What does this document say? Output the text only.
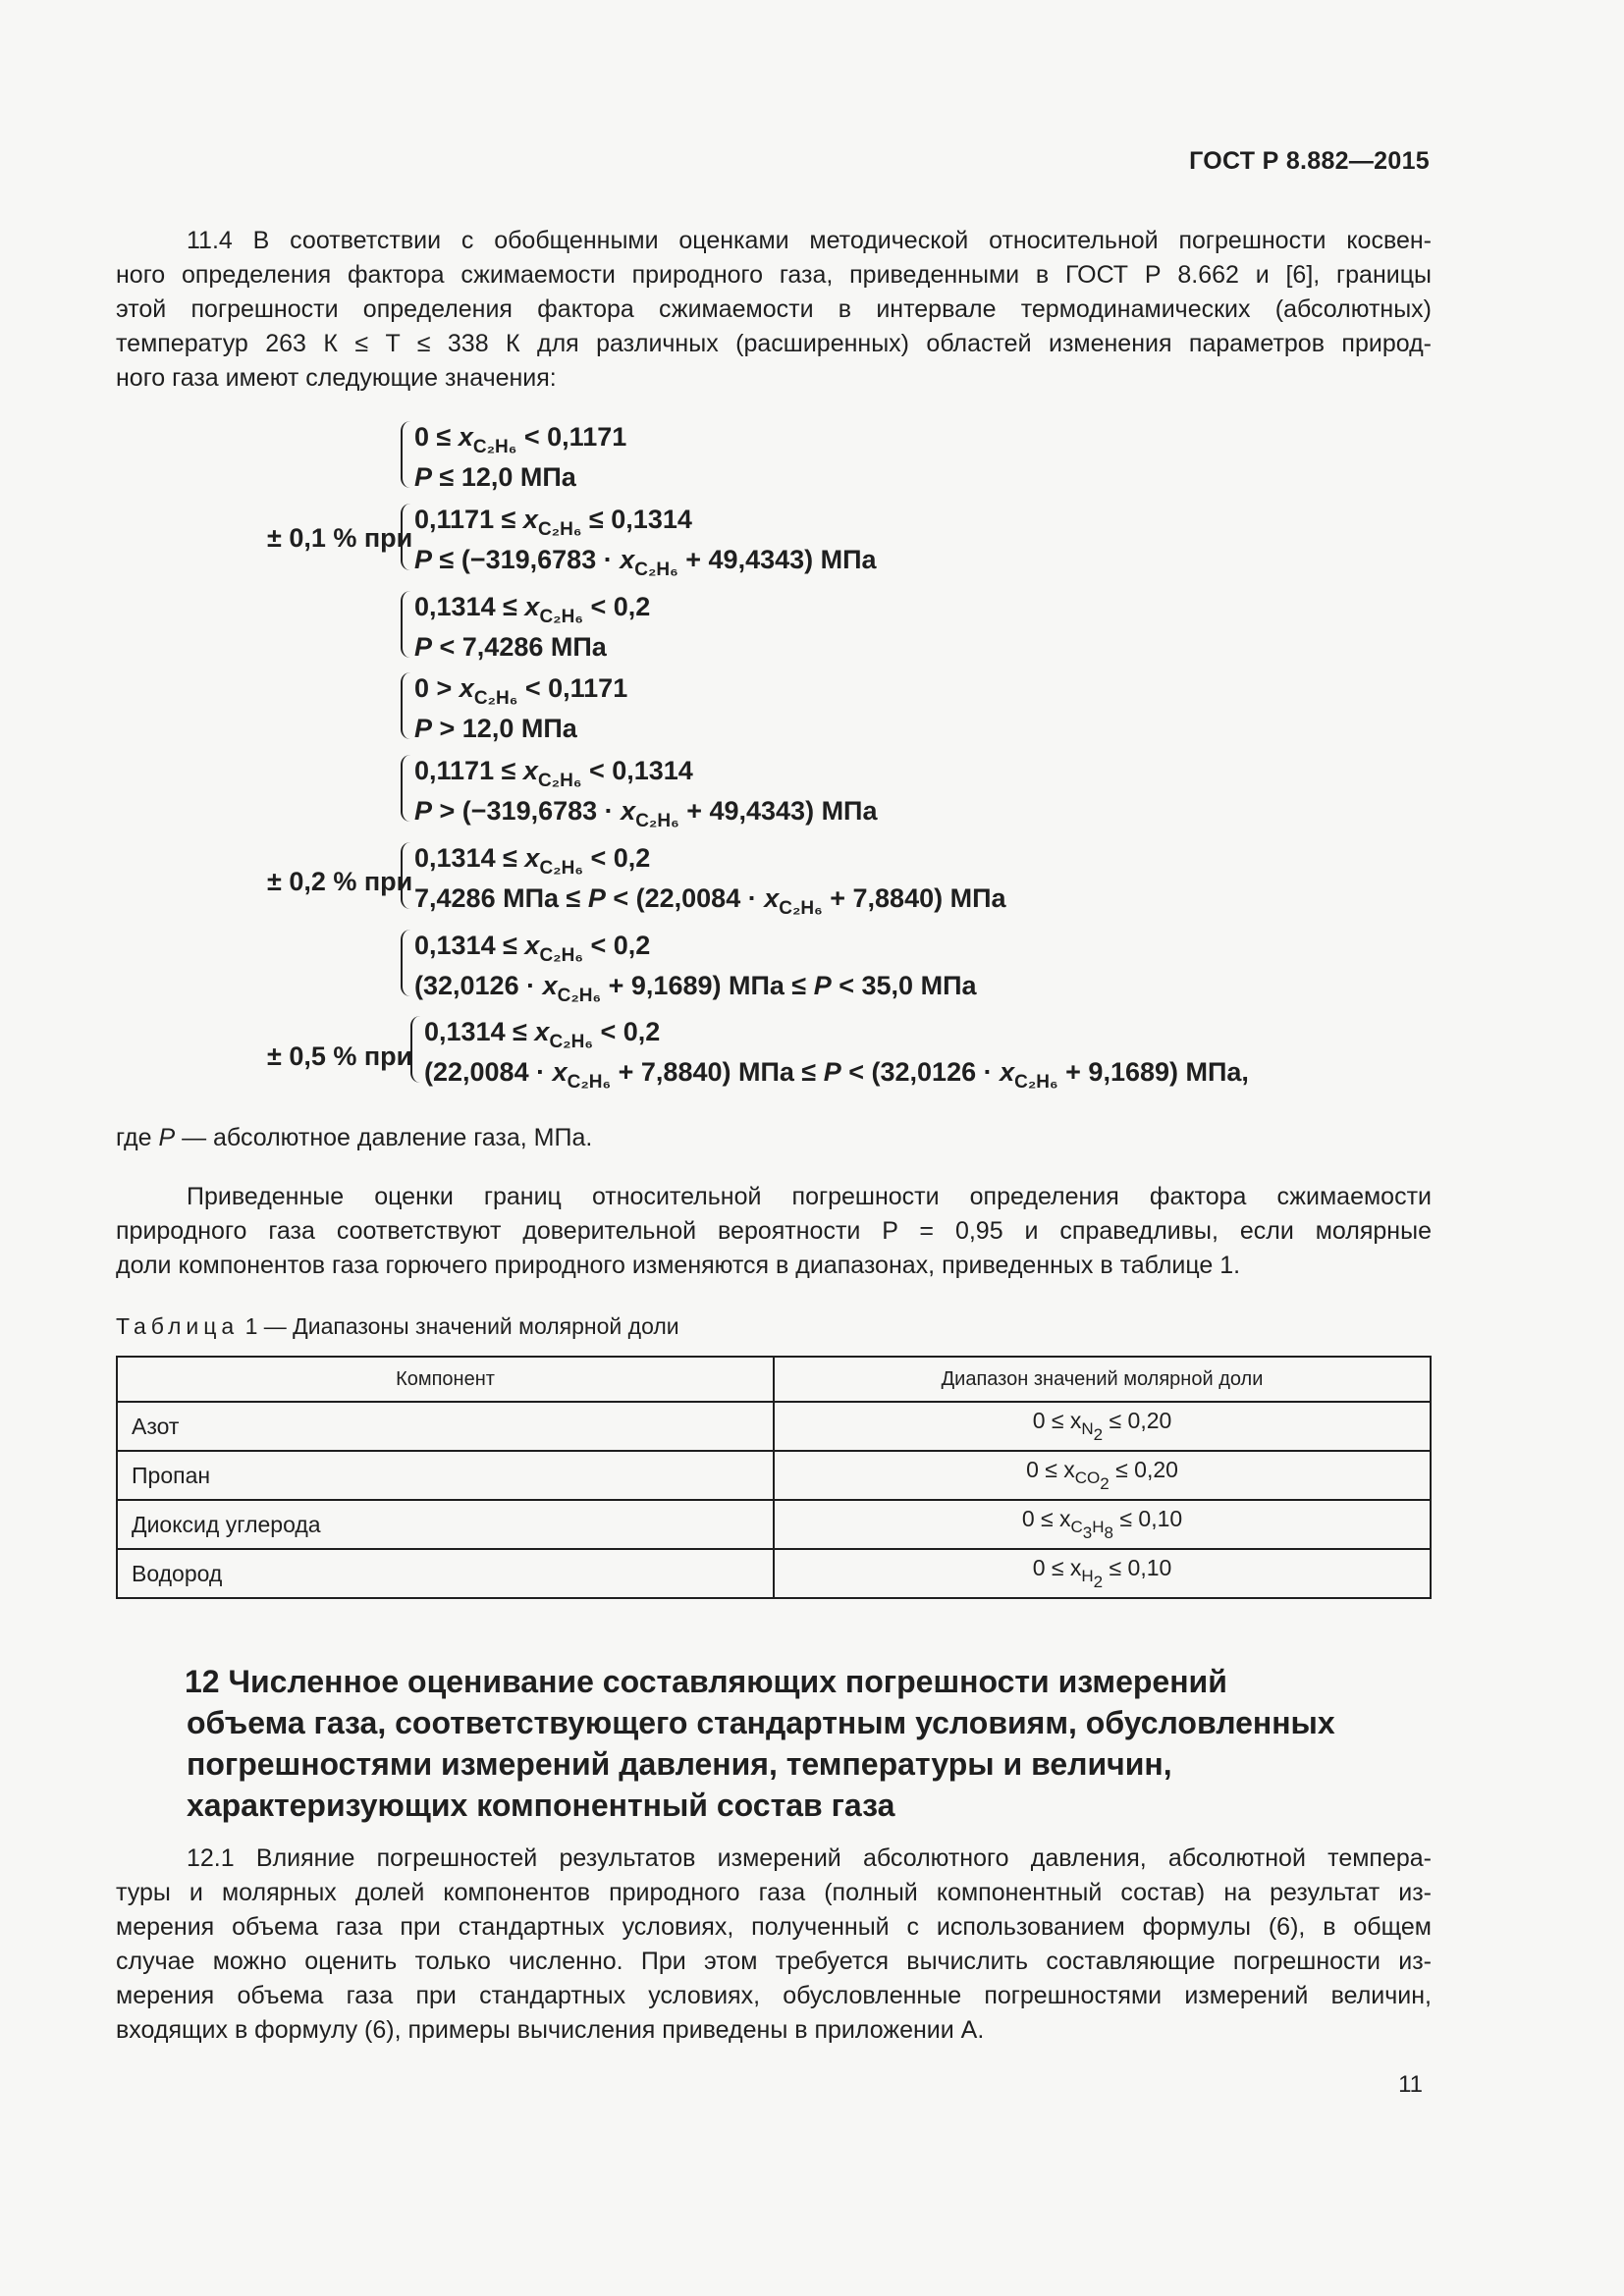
ГОСТ Р 8.882—2015
11.4 В соответствии с обобщенными оценками методической относительной погрешности косвен-
ного определения фактора сжимаемости природного газа, приведенными в ГОСТ Р 8.662 и [6], границы
этой погрешности определения фактора сжимаемости в интервале термодинамических (абсолютных)
температур 263 К ≤ T ≤ 338 К для различных (расширенных) областей изменения параметров природ-
ного газа имеют следующие значения:
± 0,1 % при
± 0,2 % при
± 0,5 % при
$0 \le x_{C_2H_6} < 0,1171$
P ≤ 12,0 МПа
$0,1171 \le x_{C_2H_6} \le 0,1314$
$P \le (-319,6783 \cdot x_{C_2H_6} + 49,4343)$ МПа
$0,1314 \le x_{C_2H_6} < 0,2$
P < 7,4286 МПа
$0 > x_{C_2H_6} < 0,1171$
P > 12,0 МПа
$0,1171 \le x_{C_2H_6} < 0,1314$
$P > (-319,6783 \cdot x_{C_2H_6} + 49,4343)$ МПа
$0,1314 \le x_{C_2H_6} < 0,2$
7,4286 МПа ≤ $P < (22,0084 \cdot x_{C_2H_6} + 7,8840)$ МПа
$0,1314 \le x_{C_2H_6} < 0,2$
$(32,0126 \cdot x_{C_2H_6} + 9,1689)$ МПа ≤ P < 35,0 МПа
$0,1314 \le x_{C_2H_6} < 0,2$
$(22,0084 \cdot x_{C_2H_6} + 7,8840)$ МПа ≤ $P < (32,0126 \cdot x_{C_2H_6} + 9,1689)$ МПа,
где P — абсолютное давление газа, МПа.
Приведенные оценки границ относительной погрешности определения фактора сжимаемости
природного газа соответствуют доверительной вероятности P = 0,95 и справедливы, если молярные
доли компонентов газа горючего природного изменяются в диапазонах, приведенных в таблице 1.
Таблица 1 — Диапазоны значений молярной доли
Компонент	Диапазон значений молярной доли
Азот	$0 \le x_{N_2} \le 0,20$
Пропан	$0 \le x_{CO_2} \le 0,20$
Диоксид углерода	$0 \le x_{C_3H_8} \le 0,10$
Водород	$0 \le x_{H_2} \le 0,10$
12 Численное оценивание составляющих погрешности измерений
объема газа, соответствующего стандартным условиям, обусловленных
погрешностями измерений давления, температуры и величин,
характеризующих компонентный состав газа
12.1 Влияние погрешностей результатов измерений абсолютного давления, абсолютной темпера-
туры и молярных долей компонентов природного газа (полный компонентный состав) на результат из-
мерения объема газа при стандартных условиях, полученный с использованием формулы (6), в общем
случае можно оценить только численно. При этом требуется вычислить составляющие погрешности из-
мерения объема газа при стандартных условиях, обусловленные погрешностями измерений величин,
входящих в формулу (6), примеры вычисления приведены в приложении А.
11
